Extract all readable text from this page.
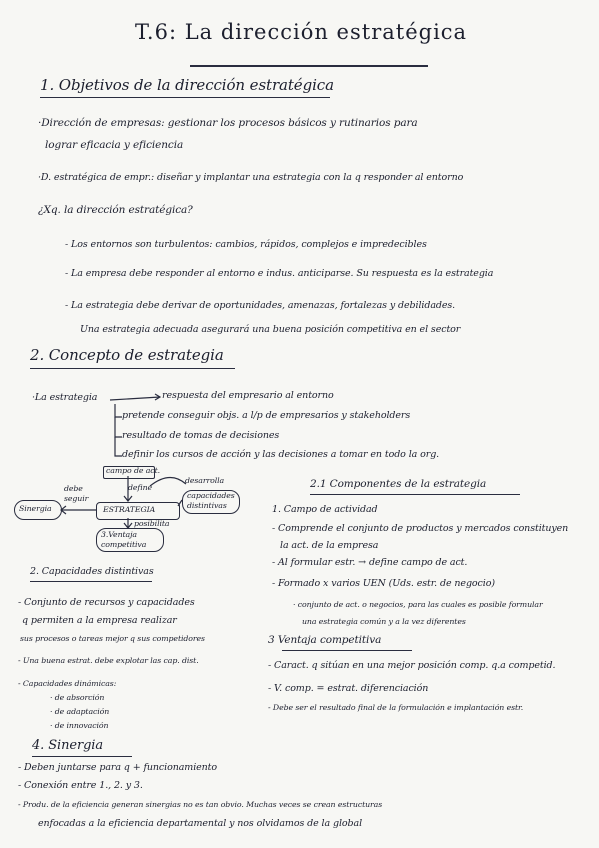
T.6: La dirección estratégica
1. Objetivos de la dirección estratégica
·Dirección de empresas: gestionar los procesos básicos y rutinarios para
lograr eficacia y eficiencia
·D. estratégica de empr.: diseñar y implantar una estrategia con la q responder al entorno
¿Xq. la dirección estratégica?
- Los entornos son turbulentos: cambios, rápidos, complejos e impredecibles
- La empresa debe responder al entorno e indus. anticiparse. Su respuesta es la estrategia
- La estrategia debe derivar de oportunidades, amenazas, fortalezas y debilidades.
Una estrategia adecuada asegurará una buena posición competitiva en el sector
2. Concepto de estrategia
·La estrategia	respuesta del empresario al entorno
pretende conseguir objs. a l/p de empresarios y stakeholders
resultado de tomas de decisiones
definir los cursos de acción y las decisiones a tomar en todo la org.
campo de act.
define
Sinergia
debe seguir
ESTRATEGIA
desarrolla
capacidades distintivas
posibilita
3.Ventaja competitiva
2.1 Componentes de la estrategia
1. Campo de actividad
- Comprende el conjunto de productos y mercados constituyen
la act. de la empresa
- Al formular estr. → define campo de act.
- Formado x varios UEN (Uds. estr. de negocio)
· conjunto de act. o negocios, para las cuales es posible formular
una estrategia común y a la vez diferentes
3 Ventaja competitiva
- Caract. q sitúan en una mejor posición comp. q.a competid.
- V. comp. = estrat. diferenciación
- Debe ser el resultado final de la formulación e implantación estr.
2. Capacidades distintivas
- Conjunto de recursos y capacidades
q permiten a la empresa realizar
sus procesos o tareas mejor q sus competidores
- Una buena estrat. debe explotar las cap. dist.
- Capacidades dinámicas:
· de absorción
· de adaptación
· de innovación
4. Sinergia
- Deben juntarse para q + funcionamiento
- Conexión entre 1., 2. y 3.
- Produ. de la eficiencia generan sinergias no es tan obvio. Muchas veces se crean estructuras
enfocadas a la eficiencia departamental y nos olvidamos de la global
